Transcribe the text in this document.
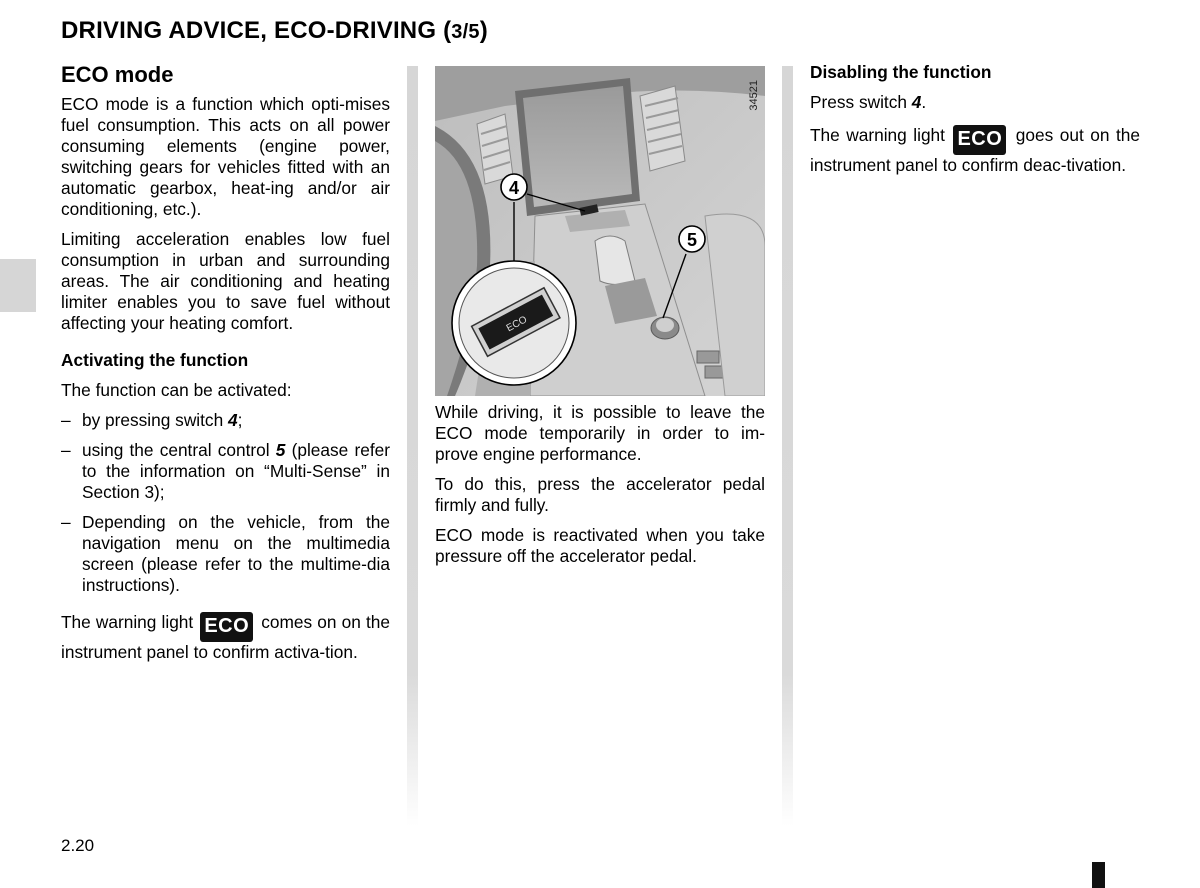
DRIVING ADVICE, ECO-DRIVING (3/5)
ECO mode

ECO mode is a function which opti-mises fuel consumption. This acts on all power consuming elements (engine power, switching gears for vehicles fitted with an automatic gearbox, heat-ing and/or air conditioning, etc.).

Limiting acceleration enables low fuel consumption in urban and surrounding areas. The air conditioning and heating limiter enables you to save fuel without affecting your heating comfort.

Activating the function

The function can be activated:

– by pressing switch 4;
– using the central control 5 (please refer to the information on “Multi-Sense” in Section 3);
– Depending on the vehicle, from the navigation menu on the multimedia screen (please refer to the multime-dia instructions).

The warning light ECO comes on on the instrument panel to confirm activa-tion.

34521
4
5
ECO

While driving, it is possible to leave the ECO mode temporarily in order to im-prove engine performance.

To do this, press the accelerator pedal firmly and fully.

ECO mode is reactivated when you take pressure off the accelerator pedal.

Disabling the function

Press switch 4.

The warning light ECO goes out on the instrument panel to confirm deac-tivation.

2.20
